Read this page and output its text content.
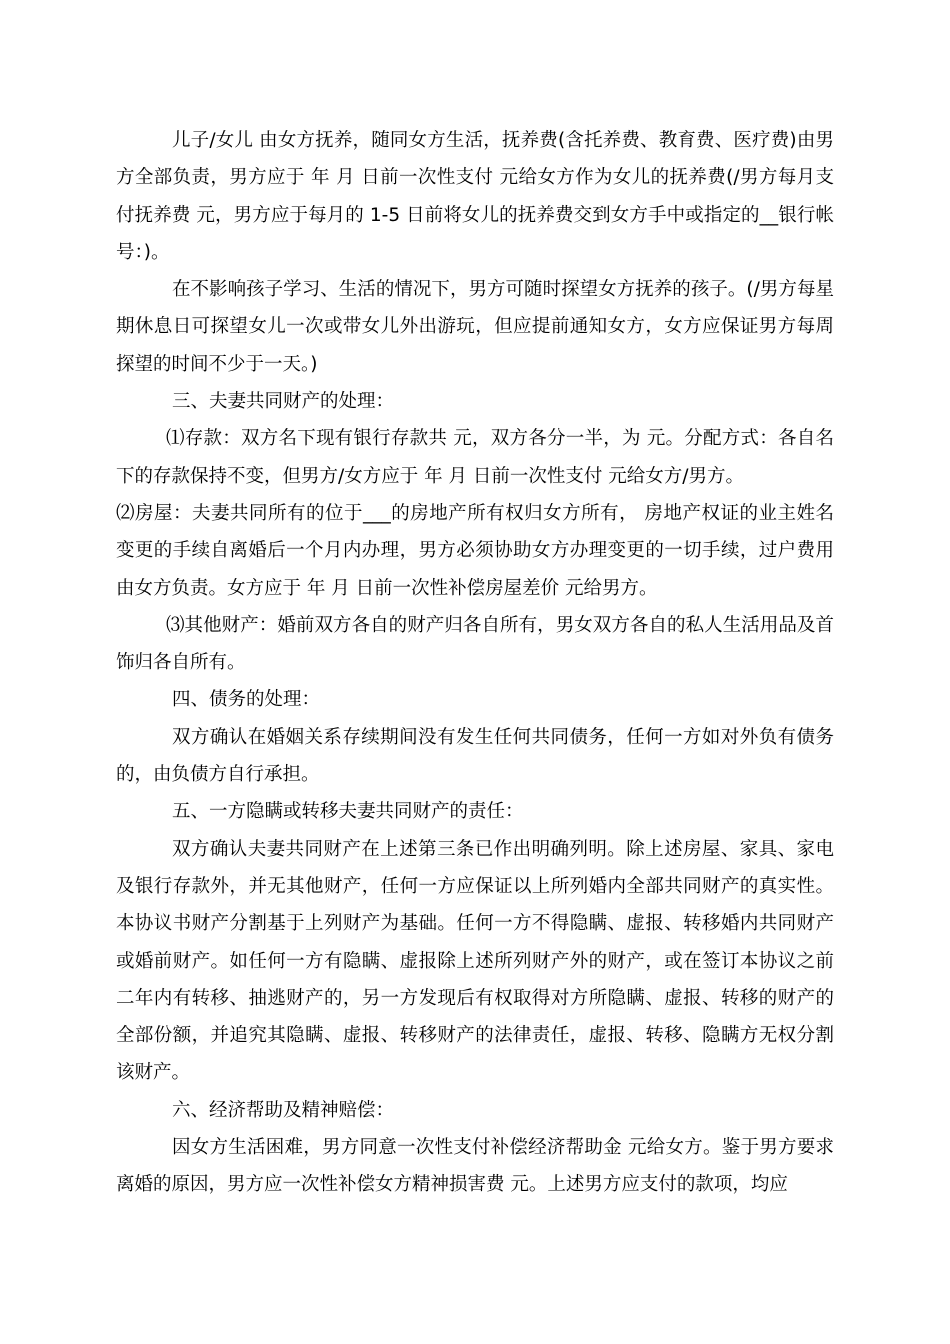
儿子/女儿 由女方抚养，随同女方生活，抚养费(含托养费、教育费、医疗费)由男方全部负责，男方应于 年 月 日前一次性支付 元给女方作为女儿的抚养费(/男方每月支付抚养费 元，男方应于每月的 1-5 日前将女儿的抚养费交到女方手中或指定的__银行帐号：)。

在不影响孩子学习、生活的情况下，男方可随时探望女方抚养的孩子。(/男方每星期休息日可探望女儿一次或带女儿外出游玩，但应提前通知女方，女方应保证男方每周探望的时间不少于一天。)

三、夫妻共同财产的处理：

⑴存款：双方名下现有银行存款共 元，双方各分一半，为 元。分配方式：各自名下的存款保持不变，但男方/女方应于 年 月 日前一次性支付 元给女方/男方。

⑵房屋：夫妻共同所有的位于___的房地产所有权归女方所有， 房地产权证的业主姓名变更的手续自离婚后一个月内办理，男方必须协助女方办理变更的一切手续，过户费用由女方负责。女方应于 年 月 日前一次性补偿房屋差价 元给男方。

⑶其他财产：婚前双方各自的财产归各自所有，男女双方各自的私人生活用品及首饰归各自所有。

四、债务的处理：

双方确认在婚姻关系存续期间没有发生任何共同债务，任何一方如对外负有债务的，由负债方自行承担。

五、一方隐瞒或转移夫妻共同财产的责任：

双方确认夫妻共同财产在上述第三条已作出明确列明。除上述房屋、家具、家电及银行存款外，并无其他财产，任何一方应保证以上所列婚内全部共同财产的真实性。本协议书财产分割基于上列财产为基础。任何一方不得隐瞒、虚报、转移婚内共同财产或婚前财产。如任何一方有隐瞒、虚报除上述所列财产外的财产，或在签订本协议之前 二年内有转移、抽逃财产的，另一方发现后有权取得对方所隐瞒、虚报、转移的财产的全部份额，并追究其隐瞒、虚报、转移财产的法律责任，虚报、转移、隐瞒方无权分割该财产。

六、经济帮助及精神赔偿：

因女方生活困难，男方同意一次性支付补偿经济帮助金 元给女方。鉴于男方要求离婚的原因，男方应一次性补偿女方精神损害费 元。上述男方应支付的款项，均应
